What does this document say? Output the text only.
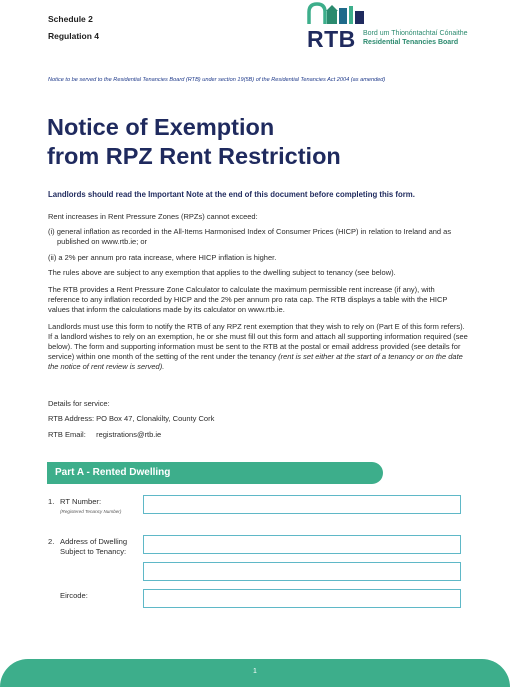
Schedule 2
Regulation 4	RTB Bord um Thionóntachtaí Cónaithe
Residential Tenancies Board
Notice to be served to the Residential Tenancies Board (RTB) under section 19(5B) of the Residential Tenancies Act 2004 (as amended)
Notice of Exemption
from RPZ Rent Restriction
Landlords should read the Important Note at the end of this document before completing this form.

Rent increases in Rent Pressure Zones (RPZs) cannot exceed:

(i) general inflation as recorded in the All-Items Harmonised Index of Consumer Prices (HICP) in relation to Ireland and as published on www.rtb.ie; or

(ii) a 2% per annum pro rata increase, where HICP inflation is higher.

The rules above are subject to any exemption that applies to the dwelling subject to tenancy (see below).

The RTB provides a Rent Pressure Zone Calculator to calculate the maximum permissible rent increase (if any), with reference to any inflation recorded by HICP and the 2% per annum pro rata cap. The RTB displays a table with the HICP values that inform the calculations made by its calculator on www.rtb.ie.

Landlords must use this form to notify the RTB of any RPZ rent exemption that they wish to rely on (Part E of this form refers). If a landlord wishes to rely on an exemption, he or she must fill out this form and attach all supporting information required (see below). The form and supporting information must be sent to the RTB at the postal or email address provided (see details for service) within one month of the setting of the rent under the tenancy (rent is set either at the start of a tenancy or on the date the notice of rent review is served).

Details for service:
RTB Address: PO Box 47, Clonakilty, County Cork
RTB Email: registrations@rtb.ie
Part A - Rented Dwelling
1. RT Number:
(Registered Tenancy Number)
2. Address of Dwelling
Subject to Tenancy:
Eircode:
1
